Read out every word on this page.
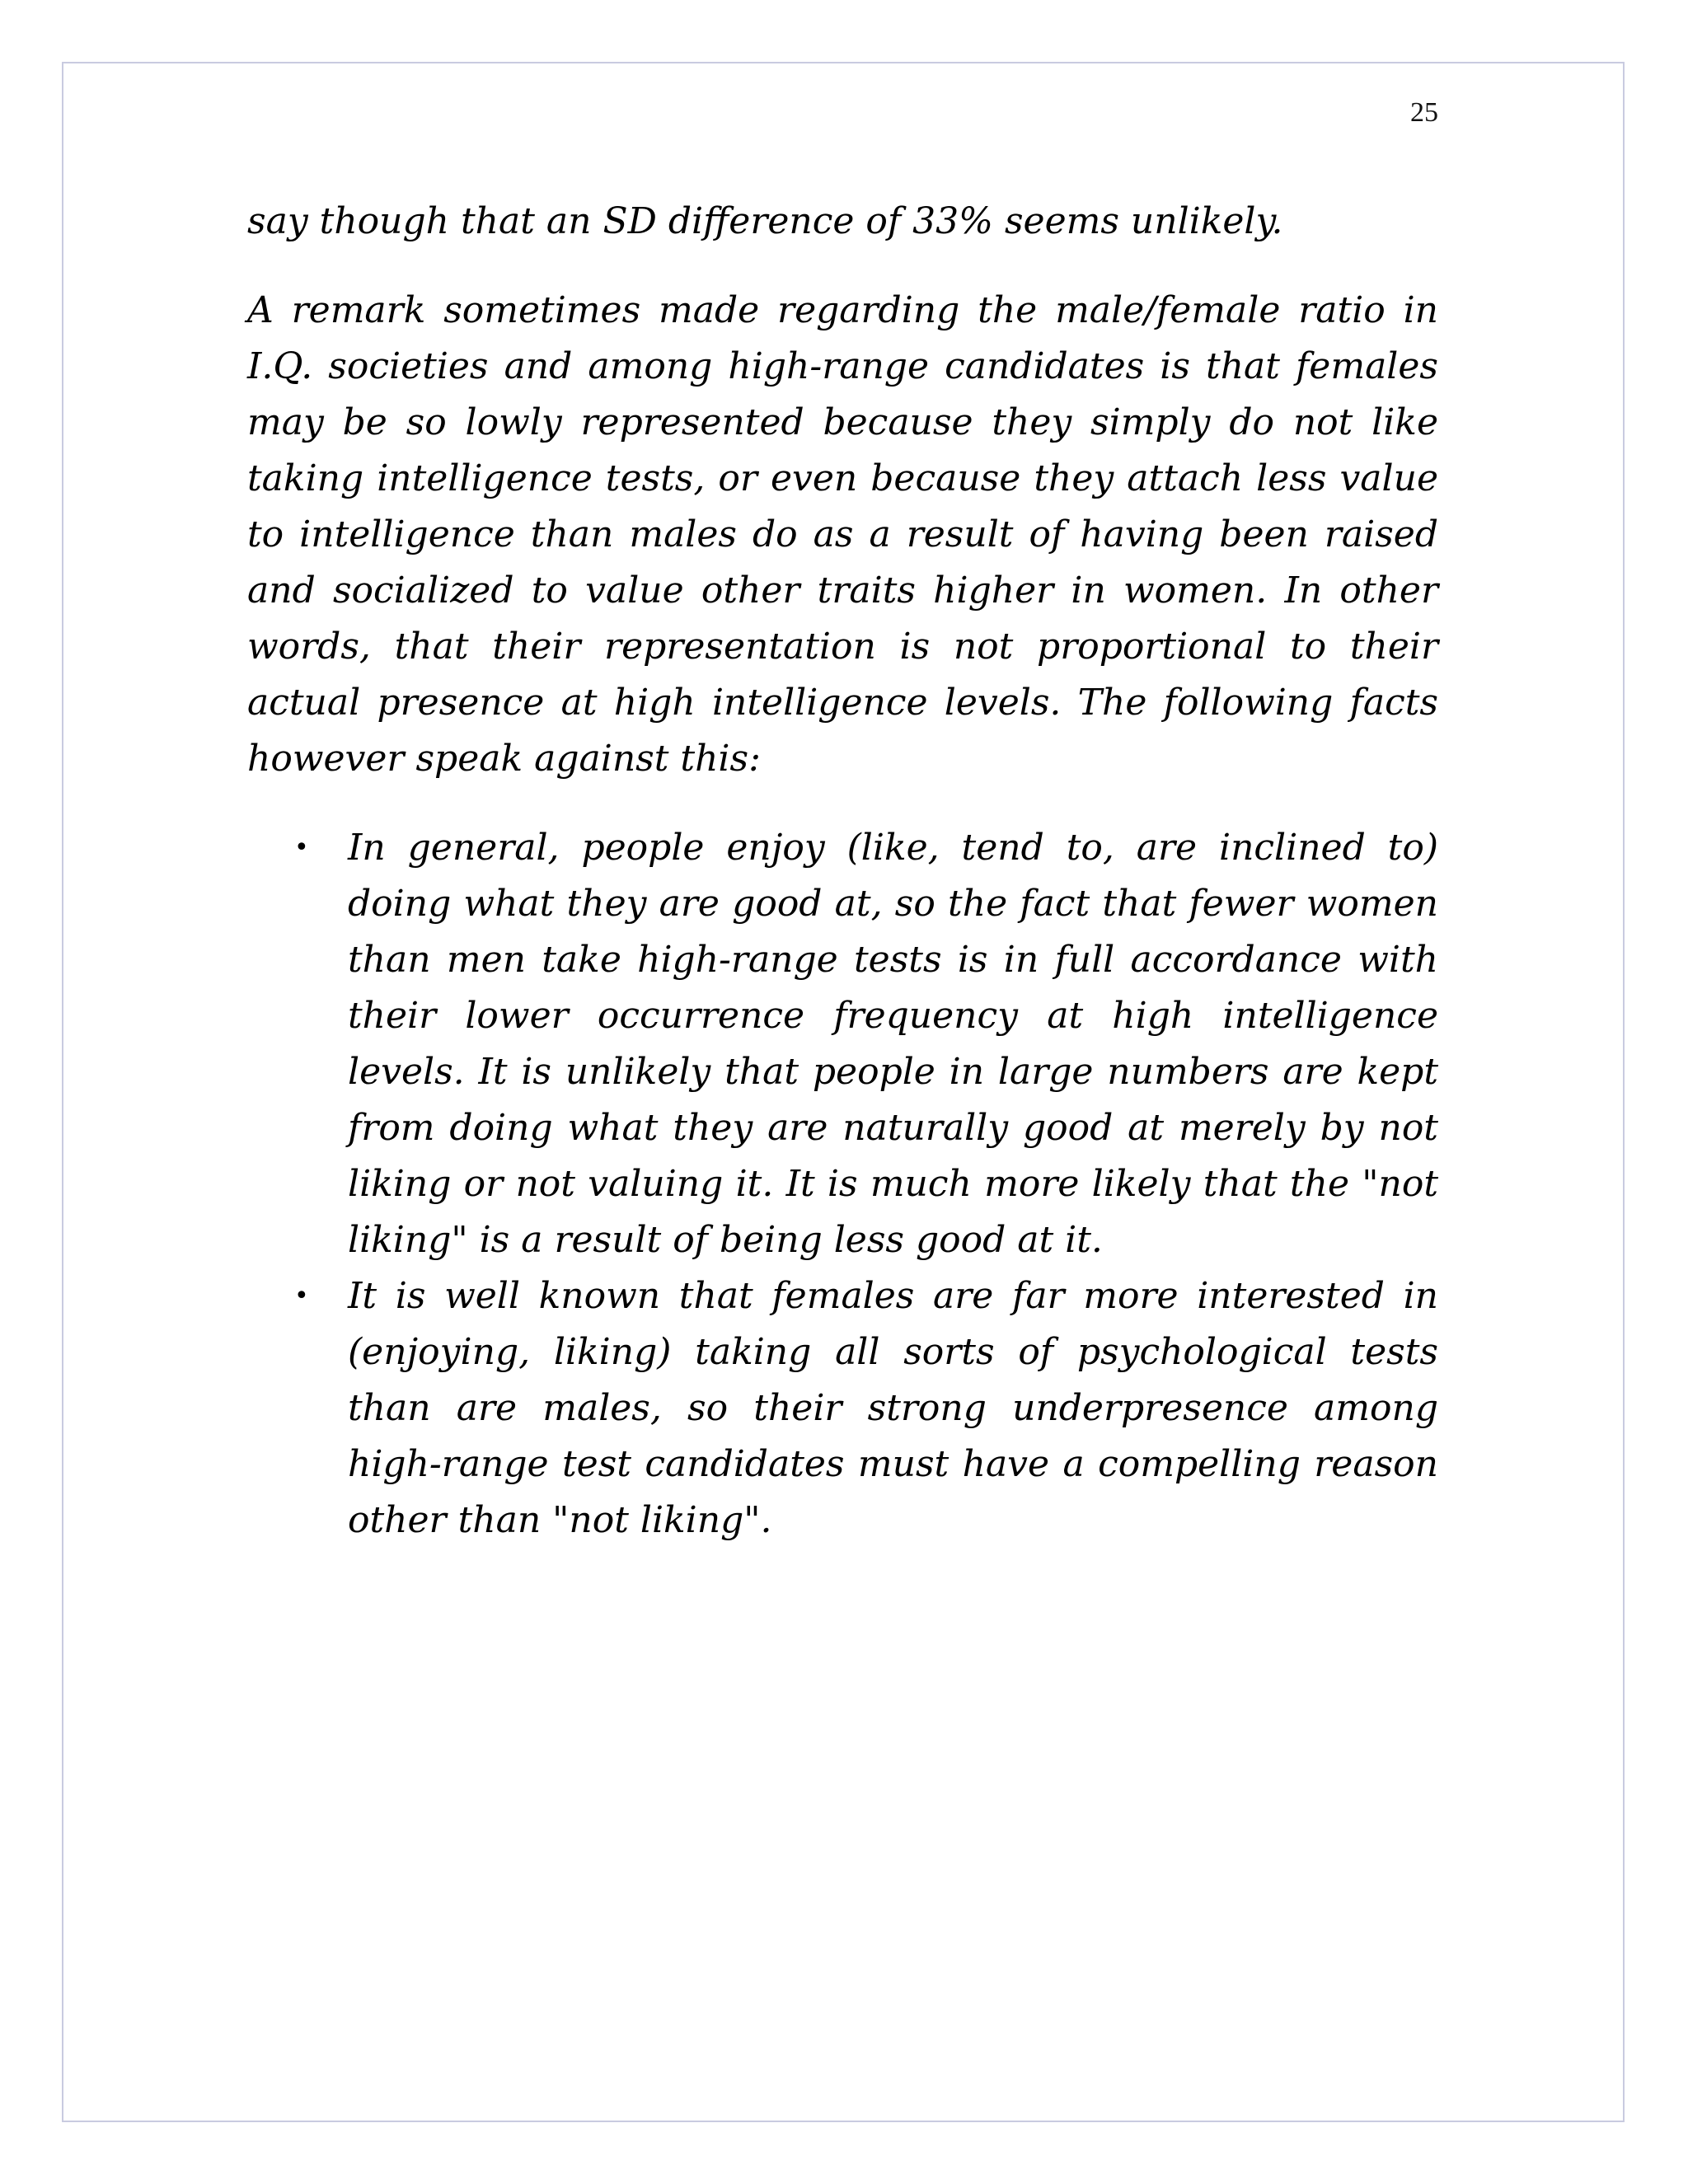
25

say though that an SD difference of 33% seems unlikely.

A remark sometimes made regarding the male/female ratio in I.Q. societies and among high-range candidates is that females may be so lowly represented because they simply do not like taking intelligence tests, or even because they attach less value to intelligence than males do as a result of having been raised and socialized to value other traits higher in women. In other words, that their representation is not proportional to their actual presence at high intelligence levels. The following facts however speak against this:

• In general, people enjoy (like, tend to, are inclined to) doing what they are good at, so the fact that fewer women than men take high-range tests is in full accordance with their lower occurrence frequency at high intelligence levels. It is unlikely that people in large numbers are kept from doing what they are naturally good at merely by not liking or not valuing it. It is much more likely that the "not liking" is a result of being less good at it.
• It is well known that females are far more interested in (enjoying, liking) taking all sorts of psychological tests than are males, so their strong underpresence among high-range test candidates must have a compelling reason other than "not liking".
